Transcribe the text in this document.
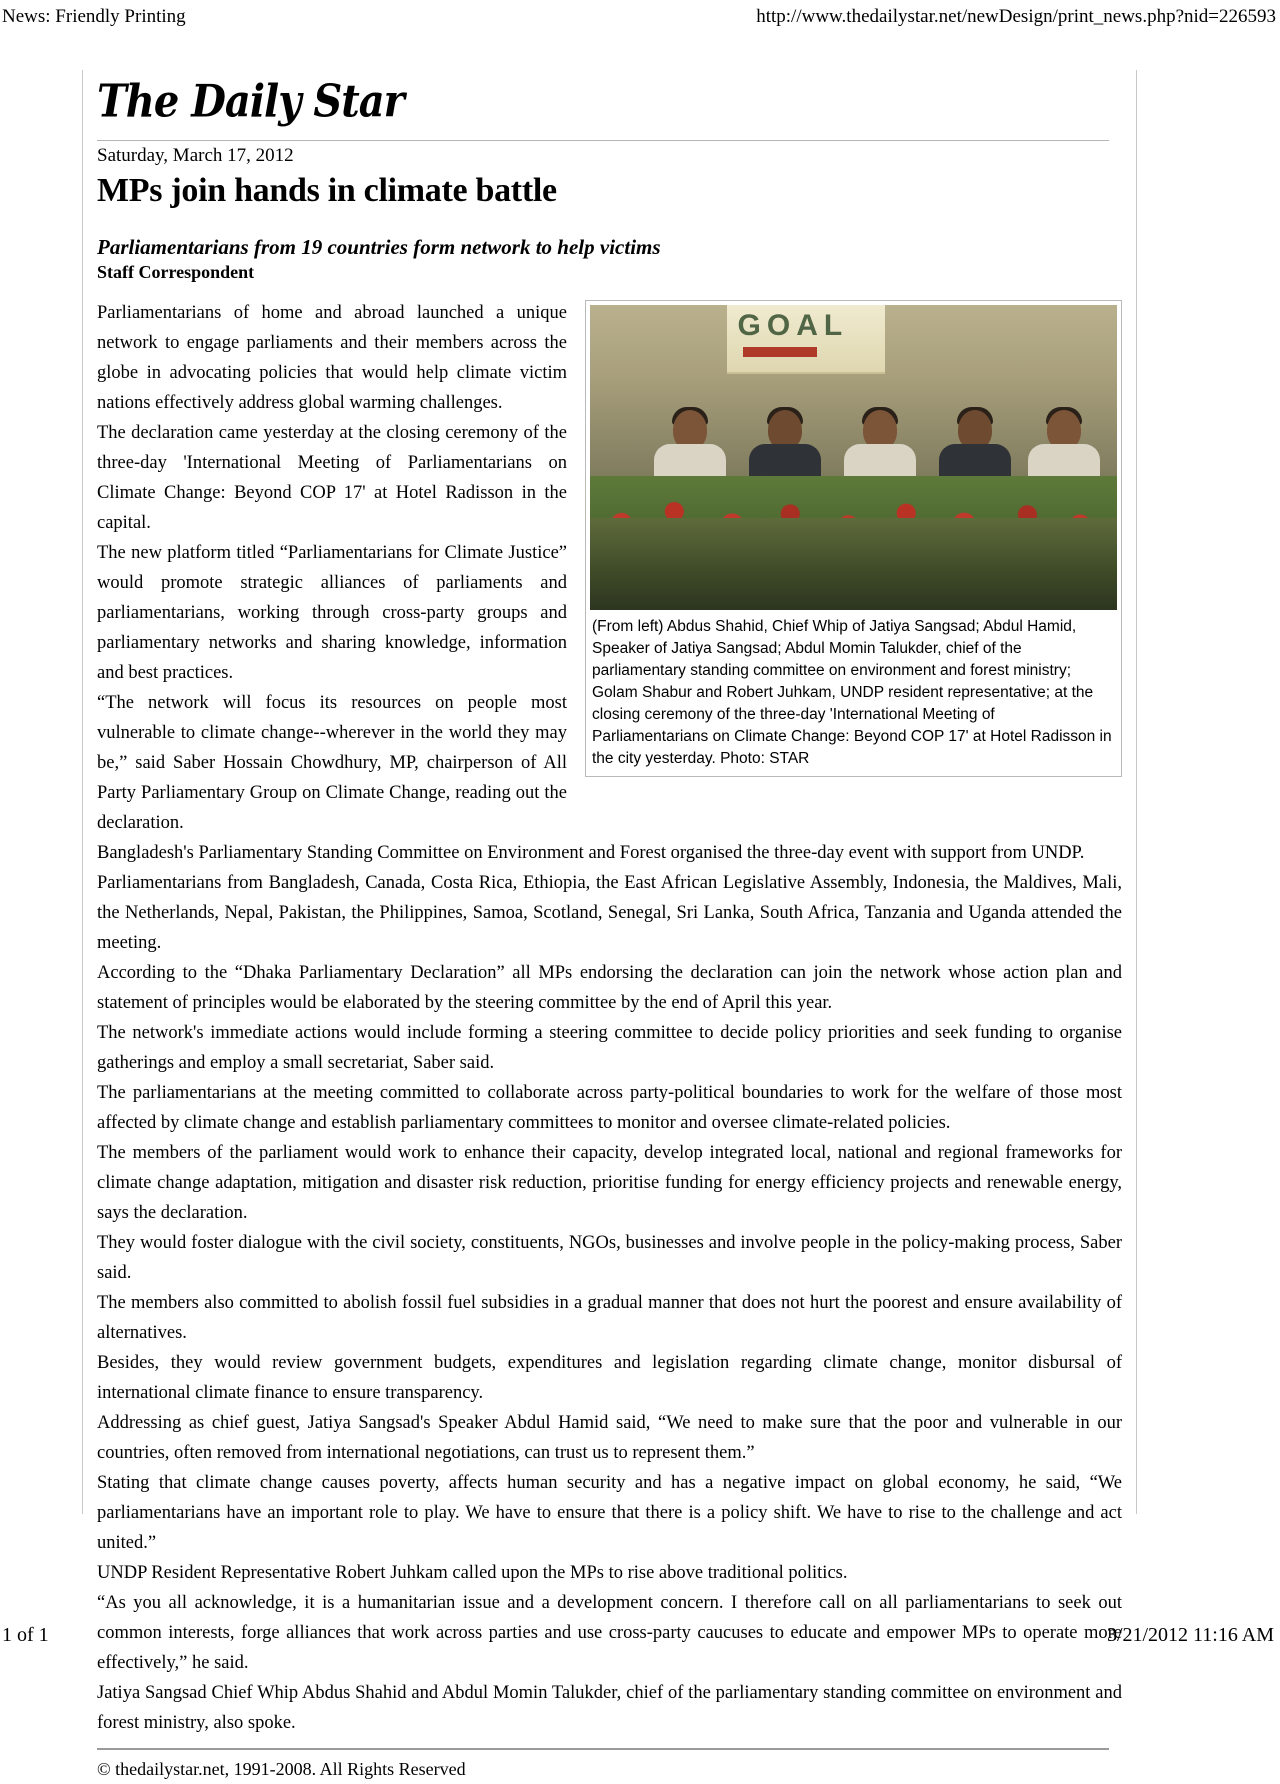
News: Friendly Printing	http://www.thedailystar.net/newDesign/print_news.php?nid=226593
The Daily Star
Saturday, March 17, 2012
MPs join hands in climate battle
Parliamentarians from 19 countries form network to help victims
Staff Correspondent
GOAL
(From left) Abdus Shahid, Chief Whip of Jatiya Sangsad; Abdul Hamid, Speaker of Jatiya Sangsad; Abdul Momin Talukder, chief of the parliamentary standing committee on environment and forest ministry; Golam Shabur and Robert Juhkam, UNDP resident representative; at the closing ceremony of the three-day 'International Meeting of Parliamentarians on Climate Change: Beyond COP 17' at Hotel Radisson in the city yesterday. Photo: STAR

Parliamentarians of home and abroad launched a unique network to engage parliaments and their members across the globe in advocating policies that would help climate victim nations effectively address global warming challenges.

The declaration came yesterday at the closing ceremony of the three-day 'International Meeting of Parliamentarians on Climate Change: Beyond COP 17' at Hotel Radisson in the capital.

The new platform titled “Parliamentarians for Climate Justice” would promote strategic alliances of parliaments and parliamentarians, working through cross-party groups and parliamentary networks and sharing knowledge, information and best practices.

“The network will focus its resources on people most vulnerable to climate change--wherever in the world they may be,” said Saber Hossain Chowdhury, MP, chairperson of All Party Parliamentary Group on Climate Change, reading out the declaration.

Bangladesh's Parliamentary Standing Committee on Environment and Forest organised the three-day event with support from UNDP.

Parliamentarians from Bangladesh, Canada, Costa Rica, Ethiopia, the East African Legislative Assembly, Indonesia, the Maldives, Mali, the Netherlands, Nepal, Pakistan, the Philippines, Samoa, Scotland, Senegal, Sri Lanka, South Africa, Tanzania and Uganda attended the meeting.

According to the “Dhaka Parliamentary Declaration” all MPs endorsing the declaration can join the network whose action plan and statement of principles would be elaborated by the steering committee by the end of April this year.

The network's immediate actions would include forming a steering committee to decide policy priorities and seek funding to organise gatherings and employ a small secretariat, Saber said.

The parliamentarians at the meeting committed to collaborate across party-political boundaries to work for the welfare of those most affected by climate change and establish parliamentary committees to monitor and oversee climate-related policies.

The members of the parliament would work to enhance their capacity, develop integrated local, national and regional frameworks for climate change adaptation, mitigation and disaster risk reduction, prioritise funding for energy efficiency projects and renewable energy, says the declaration.

They would foster dialogue with the civil society, constituents, NGOs, businesses and involve people in the policy-making process, Saber said.

The members also committed to abolish fossil fuel subsidies in a gradual manner that does not hurt the poorest and ensure availability of alternatives.

Besides, they would review government budgets, expenditures and legislation regarding climate change, monitor disbursal of international climate finance to ensure transparency.

Addressing as chief guest, Jatiya Sangsad's Speaker Abdul Hamid said, “We need to make sure that the poor and vulnerable in our countries, often removed from international negotiations, can trust us to represent them.”

Stating that climate change causes poverty, affects human security and has a negative impact on global economy, he said, “We parliamentarians have an important role to play. We have to ensure that there is a policy shift. We have to rise to the challenge and act united.”

UNDP Resident Representative Robert Juhkam called upon the MPs to rise above traditional politics.

“As you all acknowledge, it is a humanitarian issue and a development concern. I therefore call on all parliamentarians to seek out common interests, forge alliances that work across parties and use cross-party caucuses to educate and empower MPs to operate more effectively,” he said.

Jatiya Sangsad Chief Whip Abdus Shahid and Abdul Momin Talukder, chief of the parliamentary standing committee on environment and forest ministry, also spoke.

© thedailystar.net, 1991-2008. All Rights Reserved
1 of 1	3/21/2012 11:16 AM
